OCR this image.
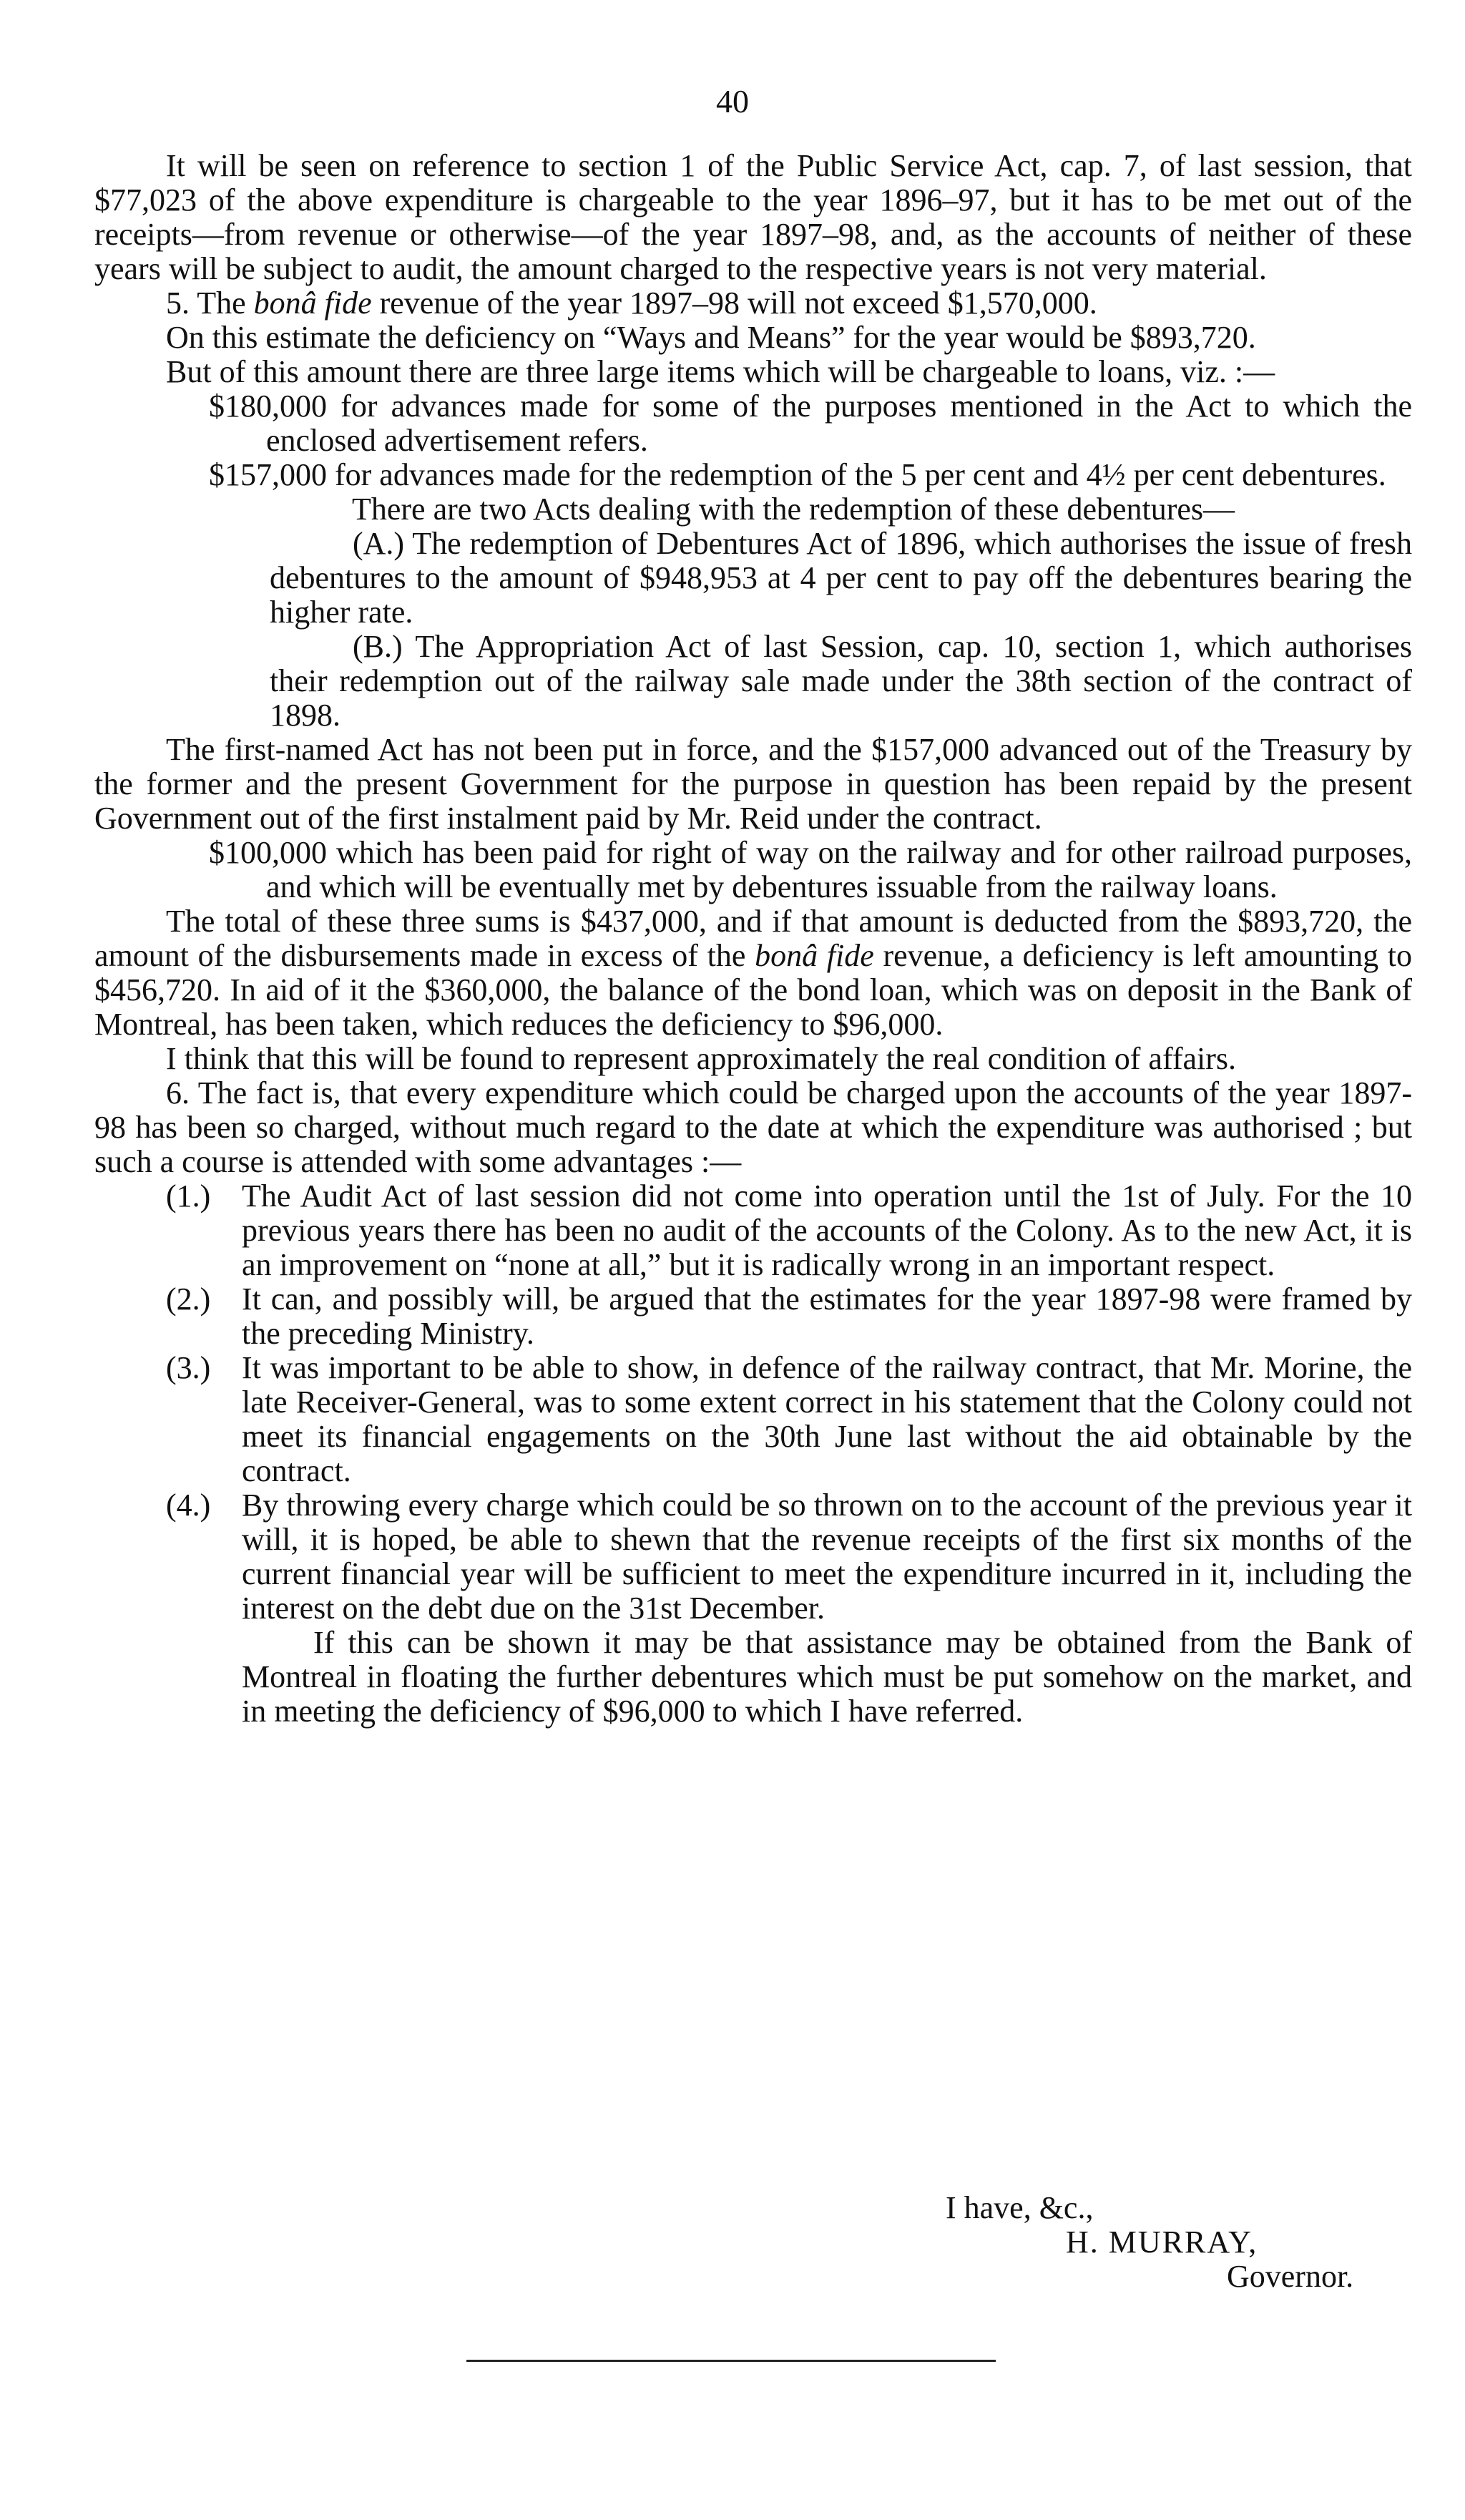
40

It will be seen on reference to section 1 of the Public Service Act, cap. 7, of last session, that $77,023 of the above expenditure is chargeable to the year 1896–97, but it has to be met out of the receipts—from revenue or otherwise—of the year 1897–98, and, as the accounts of neither of these years will be subject to audit, the amount charged to the respective years is not very material.

5. The bonâ fide revenue of the year 1897–98 will not exceed $1,570,000.

On this estimate the deficiency on “Ways and Means” for the year would be $893,720.

But of this amount there are three large items which will be chargeable to loans, viz. :—

$180,000 for advances made for some of the purposes mentioned in the Act to which the enclosed advertisement refers.

$157,000 for advances made for the redemption of the 5 per cent and 4½ per cent debentures.

There are two Acts dealing with the redemption of these debentures—

(A.) The redemption of Debentures Act of 1896, which authorises the issue of fresh debentures to the amount of $948,953 at 4 per cent to pay off the debentures bearing the higher rate.

(B.) The Appropriation Act of last Session, cap. 10, section 1, which authorises their redemption out of the railway sale made under the 38th section of the contract of 1898.

The first-named Act has not been put in force, and the $157,000 advanced out of the Treasury by the former and the present Government for the purpose in question has been repaid by the present Government out of the first instalment paid by Mr. Reid under the contract.

$100,000 which has been paid for right of way on the railway and for other railroad purposes, and which will be eventually met by debentures issuable from the railway loans.

The total of these three sums is $437,000, and if that amount is deducted from the $893,720, the amount of the disbursements made in excess of the bonâ fide revenue, a deficiency is left amounting to $456,720. In aid of it the $360,000, the balance of the bond loan, which was on deposit in the Bank of Montreal, has been taken, which reduces the deficiency to $96,000.

I think that this will be found to represent approximately the real condition of affairs.

6. The fact is, that every expenditure which could be charged upon the accounts of the year 1897-98 has been so charged, without much regard to the date at which the expenditure was authorised ; but such a course is attended with some advantages :—

(1.) The Audit Act of last session did not come into operation until the 1st of July. For the 10 previous years there has been no audit of the accounts of the Colony. As to the new Act, it is an improvement on “none at all,” but it is radically wrong in an important respect.
(2.) It can, and possibly will, be argued that the estimates for the year 1897-98 were framed by the preceding Ministry.
(3.) It was important to be able to show, in defence of the railway contract, that Mr. Morine, the late Receiver-General, was to some extent correct in his statement that the Colony could not meet its financial engagements on the 30th June last without the aid obtainable by the contract.
(4.) By throwing every charge which could be so thrown on to the account of the previous year it will, it is hoped, be able to shewn that the revenue receipts of the first six months of the current financial year will be sufficient to meet the expenditure incurred in it, including the interest on the debt due on the 31st December.

If this can be shown it may be that assistance may be obtained from the Bank of Montreal in floating the further debentures which must be put somehow on the market, and in meeting the deficiency of $96,000 to which I have referred.

I have, &c.,
H. MURRAY,
Governor.
